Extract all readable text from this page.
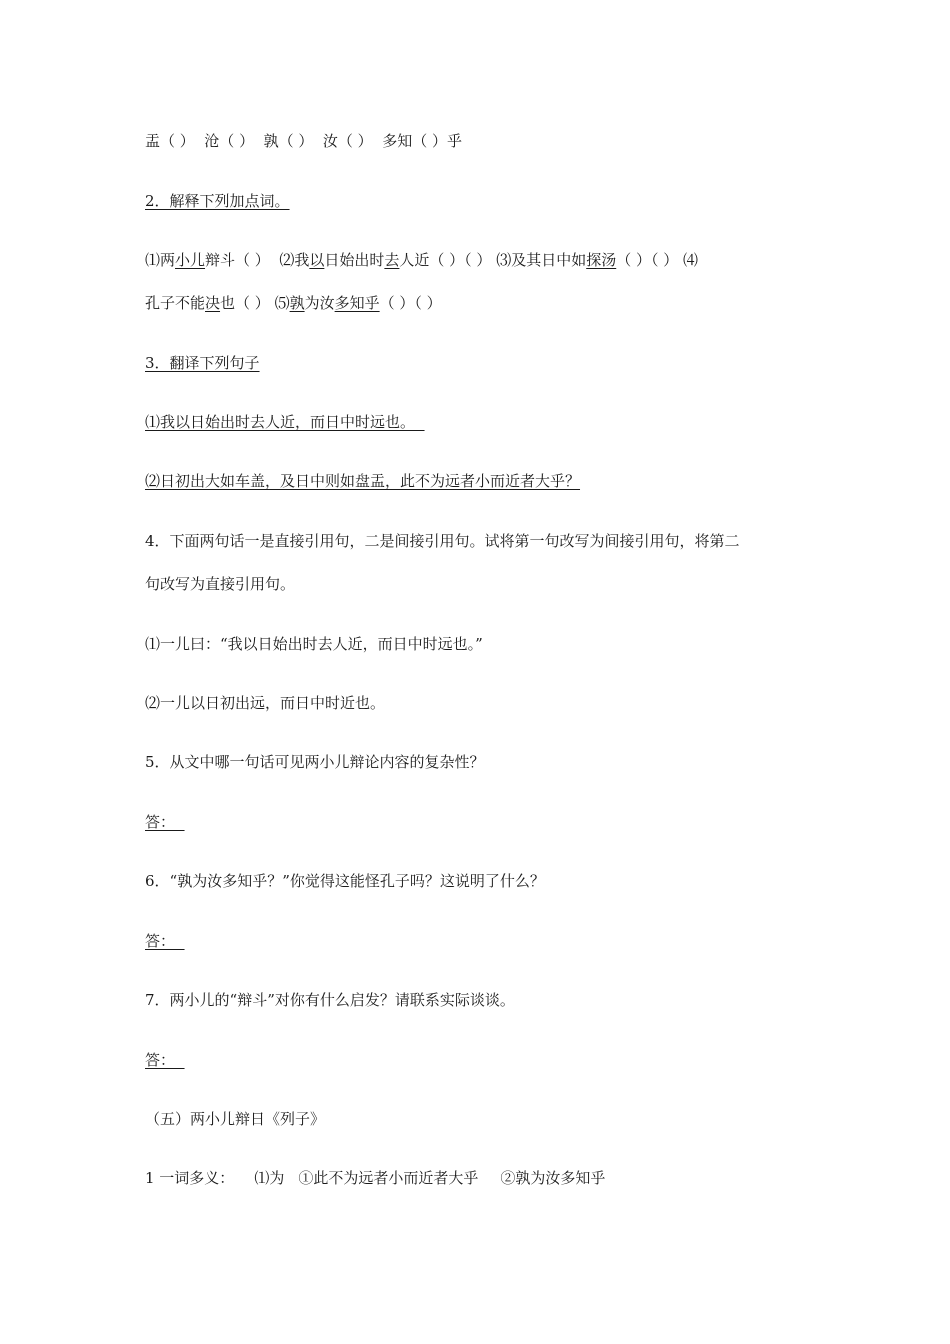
盂（ ）  沧（ ）  孰（ ）  汝（ ）  多知（ ）乎
2．解释下列加点词。
⑴两小儿辩斗（ ）  ⑵我以日始出时去人近（ ）（ ） ⑶及其日中如探汤（ ）（ ） ⑷
孔子不能决也（ ） ⑸孰为汝多知乎（ ）（ ）
3．翻译下列句子
⑴我以日始出时去人近，而日中时远也。
⑵日初出大如车盖，及日中则如盘盂，此不为远者小而近者大乎？
4．下面两句话一是直接引用句，二是间接引用句。试将第一句改写为间接引用句，将第二
句改写为直接引用句。
⑴一儿曰：“我以日始出时去人近，而日中时远也。”
⑵一儿以日初出远，而日中时近也。
5．从文中哪一句话可见两小儿辩论内容的复杂性？
答：
6．“孰为汝多知乎？”你觉得这能怪孔子吗？这说明了什么？
答：
7．两小儿的“辩斗”对你有什么启发？请联系实际谈谈。
答：
（五）两小儿辩日《列子》
1 一词多义： ⑴为 ①此不为远者小而近者大乎 ②孰为汝多知乎
